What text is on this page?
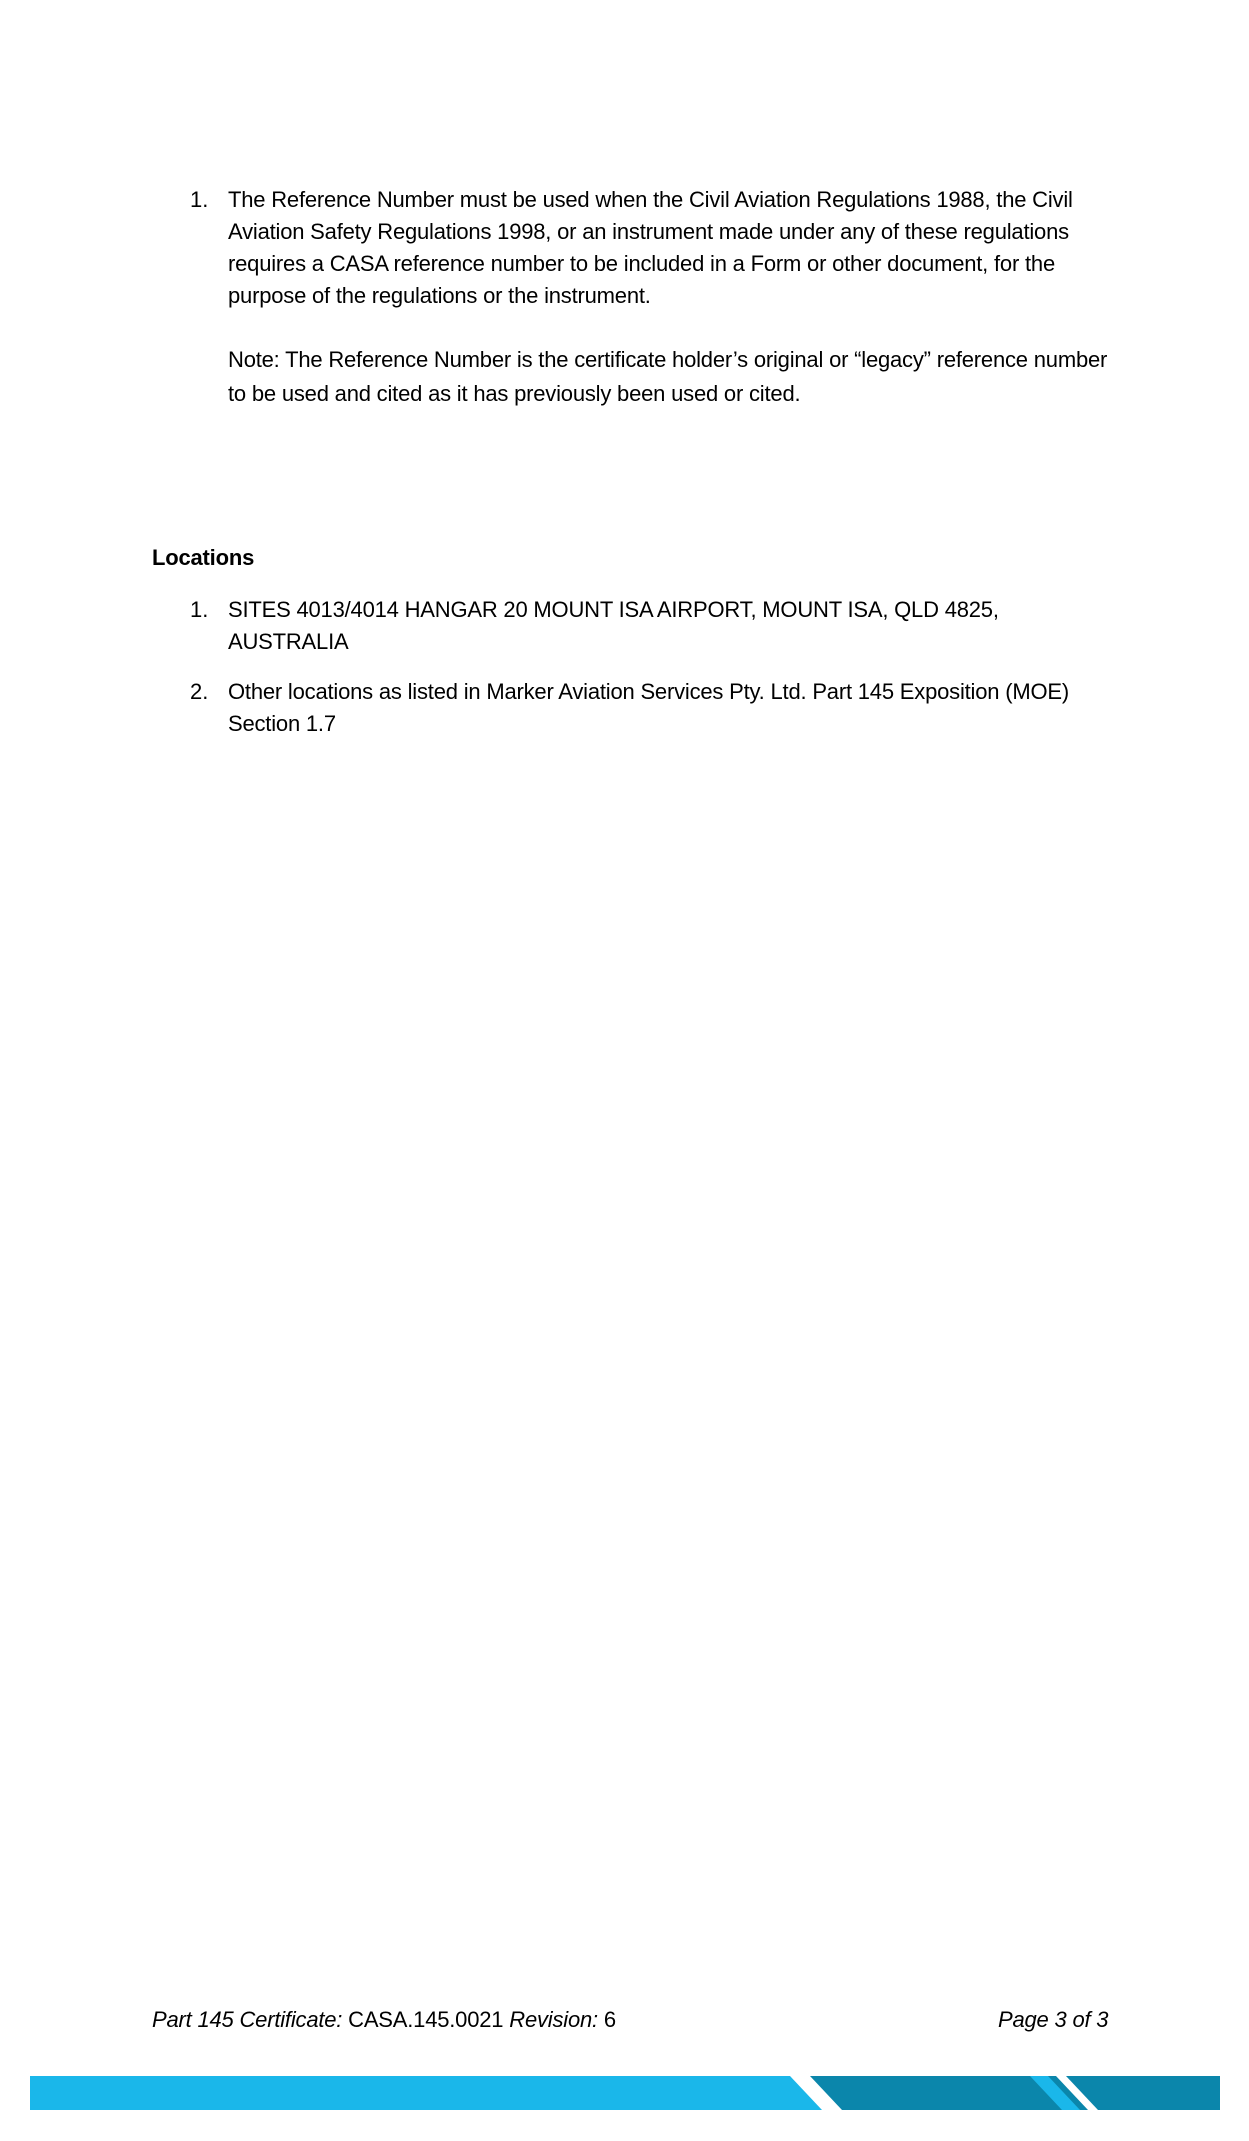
1. The Reference Number must be used when the Civil Aviation Regulations 1988, the Civil
Aviation Safety Regulations 1998, or an instrument made under any of these regulations
requires a CASA reference number to be included in a Form or other document, for the
purpose of the regulations or the instrument.
Note: The Reference Number is the certificate holder’s original or “legacy” reference number
to be used and cited as it has previously been used or cited.
Locations
1. SITES 4013/4014 HANGAR 20 MOUNT ISA AIRPORT, MOUNT ISA, QLD 4825,
AUSTRALIA
2. Other locations as listed in Marker Aviation Services Pty. Ltd. Part 145 Exposition (MOE)
Section 1.7
Part 145 Certificate: CASA.145.0021 Revision: 6	Page 3 of 3
